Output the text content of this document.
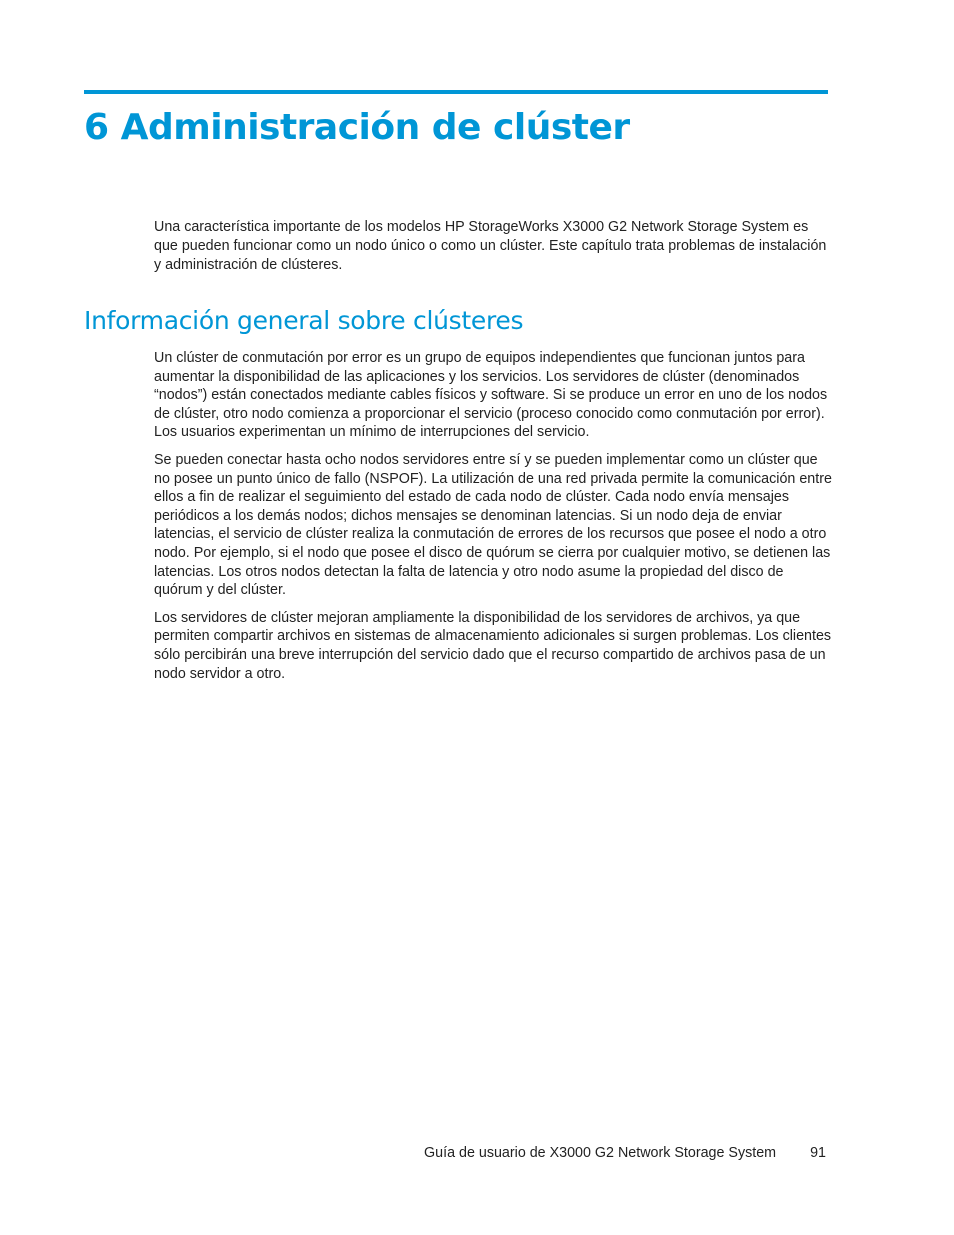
6 Administración de clúster

Una característica importante de los modelos HP StorageWorks X3000 G2 Network Storage System es que pueden funcionar como un nodo único o como un clúster. Este capítulo trata problemas de instalación y administración de clústeres.

Información general sobre clústeres

Un clúster de conmutación por error es un grupo de equipos independientes que funcionan juntos para aumentar la disponibilidad de las aplicaciones y los servicios. Los servidores de clúster (denominados “nodos”) están conectados mediante cables físicos y software. Si se produce un error en uno de los nodos de clúster, otro nodo comienza a proporcionar el servicio (proceso conocido como conmutación por error). Los usuarios experimentan un mínimo de interrupciones del servicio.

Se pueden conectar hasta ocho nodos servidores entre sí y se pueden implementar como un clúster que no posee un punto único de fallo (NSPOF). La utilización de una red privada permite la comunicación entre ellos a fin de realizar el seguimiento del estado de cada nodo de clúster. Cada nodo envía mensajes periódicos a los demás nodos; dichos mensajes se denominan latencias. Si un nodo deja de enviar latencias, el servicio de clúster realiza la conmutación de errores de los recursos que posee el nodo a otro nodo. Por ejemplo, si el nodo que posee el disco de quórum se cierra por cualquier motivo, se detienen las latencias. Los otros nodos detectan la falta de latencia y otro nodo asume la propiedad del disco de quórum y del clúster.

Los servidores de clúster mejoran ampliamente la disponibilidad de los servidores de archivos, ya que permiten compartir archivos en sistemas de almacenamiento adicionales si surgen problemas. Los clientes sólo percibirán una breve interrupción del servicio dado que el recurso compartido de archivos pasa de un nodo servidor a otro.

Guía de usuario de X3000 G2 Network Storage System 91
